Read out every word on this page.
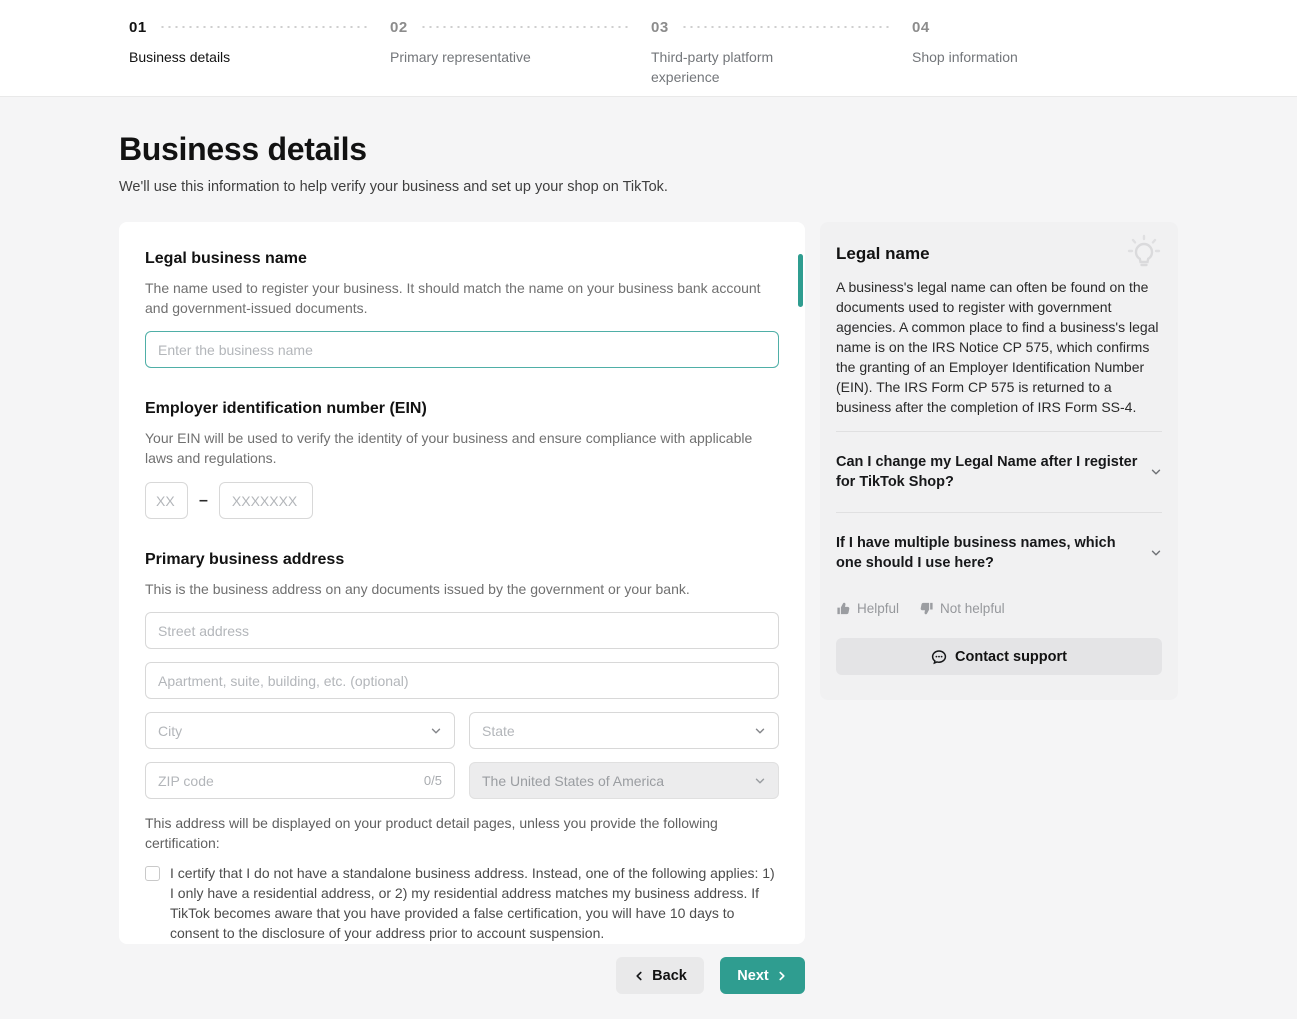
01
Business details
02
Primary representative
03
Third-party platform experience
04
Shop information
Business details

We'll use this information to help verify your business and set up your shop on TikTok.

Legal business name
The name used to register your business. It should match the name on your business bank account and government-issued documents.
Enter the business name
Employer identification number (EIN)
Your EIN will be used to verify the identity of your business and ensure compliance with applicable laws and regulations.
XX
–
XXXXXXX
Primary business address
This is the business address on any documents issued by the government or your bank.
Street address
Apartment, suite, building, etc. (optional)
City	State
ZIP code	0/5	The United States of America
This address will be displayed on your product detail pages, unless you provide the following certification:
I certify that I do not have a standalone business address. Instead, one of the following applies: 1) I only have a residential address, or 2) my residential address matches my business address. If TikTok becomes aware that you have provided a false certification, you will have 10 days to consent to the disclosure of your address prior to account suspension.
Legal name
A business's legal name can often be found on the documents used to register with government agencies. A common place to find a business's legal name is on the IRS Notice CP 575, which confirms the granting of an Employer Identification Number (EIN). The IRS Form CP 575 is returned to a business after the completion of IRS Form SS-4.
Can I change my Legal Name after I register for TikTok Shop?
If I have multiple business names, which one should I use here?
Helpful	Not helpful
Contact support
Back	Next
